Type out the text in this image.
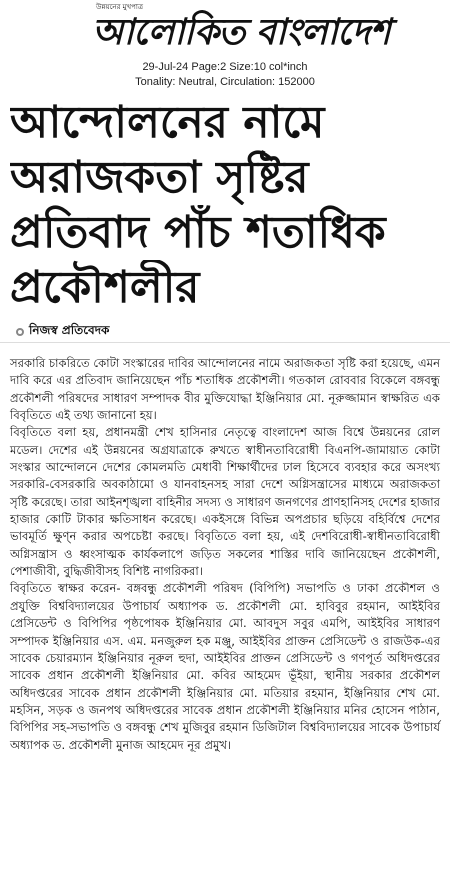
উন্নয়নের মুখপাত্র
আলোকিত বাংলাদেশ
29-Jul-24 Page:2 Size:10 col*inch
Tonality: Neutral, Circulation: 152000
আন্দোলনের নামে
অরাজকতা সৃষ্টির
প্রতিবাদ পাঁচ শতাধিক
প্রকৌশলীর
নিজস্ব প্রতিবেদক

সরকারি চাকরিতে কোটা সংস্কারের দাবির আন্দোলনের নামে অরাজকতা সৃষ্টি করা হয়েছে, এমন দাবি করে এর প্রতিবাদ জানিয়েছেন পাঁচ শতাধিক প্রকৌশলী। গতকাল রোববার বিকেলে বঙ্গবন্ধু প্রকৌশলী পরিষদের সাধারণ সম্পাদক বীর মুক্তিযোদ্ধা ইঞ্জিনিয়ার মো. নূরুজ্জামান স্বাক্ষরিত এক বিবৃতিতে এই তথ্য জানানো হয়।

বিবৃতিতে বলা হয়, প্রধানমন্ত্রী শেখ হাসিনার নেতৃত্বে বাংলাদেশ আজ বিশ্বে উন্নয়নের রোল মডেল। দেশের এই উন্নয়নের অগ্রযাত্রাকে রুখতে স্বাধীনতাবিরোধী বিএনপি-জামায়াত কোটা সংস্কার আন্দোলনে দেশের কোমলমতি মেধাবী শিক্ষার্থীদের ঢাল হিসেবে ব্যবহার করে অসংখ্য সরকারি-বেসরকারি অবকাঠামো ও যানবাহনসহ সারা দেশে অগ্নিসন্ত্রাসের মাধ্যমে অরাজকতা সৃষ্টি করেছে। তারা আইনশৃঙ্খলা বাহিনীর সদস্য ও সাধারণ জনগণের প্রাণহানিসহ দেশের হাজার হাজার কোটি টাকার ক্ষতিসাধন করেছে। একইসঙ্গে বিভিন্ন অপপ্রচার ছড়িয়ে বহির্বিশ্বে দেশের ভাবমূর্তি ক্ষুণ্ন করার অপচেষ্টা করছে। বিবৃতিতে বলা হয়, এই দেশবিরোধী-স্বাধীনতাবিরোধী অগ্নিসন্ত্রাস ও ধ্বংসাত্মক কার্যকলাপে জড়িত সকলের শাস্তির দাবি জানিয়েছেন প্রকৌশলী, পেশাজীবী, বুদ্ধিজীবীসহ বিশিষ্ট নাগরিকরা।

বিবৃতিতে স্বাক্ষর করেন- বঙ্গবন্ধু প্রকৌশলী পরিষদ (বিপিপি) সভাপতি ও ঢাকা প্রকৌশল ও প্রযুক্তি বিশ্ববিদ্যালয়ের উপাচার্য অধ্যাপক ড. প্রকৌশলী মো. হাবিবুর রহমান, আইইবির প্রেসিডেন্ট ও বিপিপির পৃষ্ঠপোষক ইঞ্জিনিয়ার মো. আবদুস সবুর এমপি, আইইবির সাধারণ সম্পাদক ইঞ্জিনিয়ার এস. এম. মনজুরুল হক মঞ্জু, আইইবির প্রাক্তন প্রেসিডেন্ট ও রাজউক-এর সাবেক চেয়ারম্যান ইঞ্জিনিয়ার নূরুল হুদা, আইইবির প্রাক্তন প্রেসিডেন্ট ও গণপূর্ত অধিদপ্তরের সাবেক প্রধান প্রকৌশলী ইঞ্জিনিয়ার মো. কবির আহমেদ ভূঁইয়া, স্থানীয় সরকার প্রকৌশল অধিদপ্তরের সাবেক প্রধান প্রকৌশলী ইঞ্জিনিয়ার মো. মতিয়ার রহমান, ইঞ্জিনিয়ার শেখ মো. মহসিন, সড়ক ও জনপথ অধিদপ্তরের সাবেক প্রধান প্রকৌশলী ইঞ্জিনিয়ার মনির হোসেন পাঠান, বিপিপির সহ-সভাপতি ও বঙ্গবন্ধু শেখ মুজিবুর রহমান ডিজিটাল বিশ্ববিদ্যালয়ের সাবেক উপাচার্য অধ্যাপক ড. প্রকৌশলী মুনাজ আহমেদ নূর প্রমুখ।
